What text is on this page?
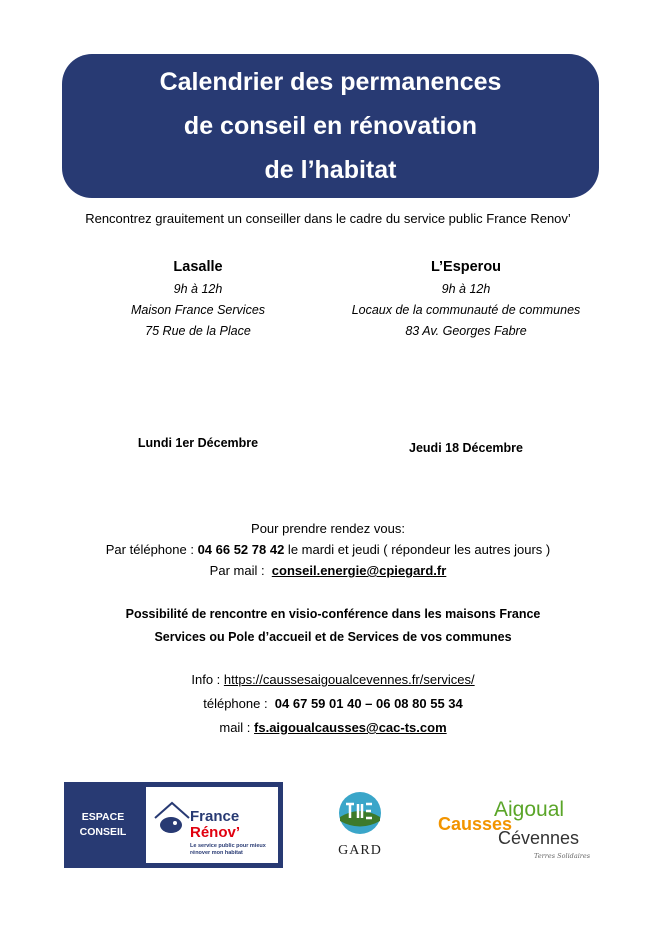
Calendrier des permanences
de conseil en rénovation
de l’habitat
Rencontrez grauitement un conseiller dans le cadre du service public France Renov’
Lasalle
9h à 12h
Maison France Services
75 Rue de la Place
L’Esperou
9h à 12h
Locaux de la communauté de communes
83 Av. Georges Fabre
Lundi 1er Décembre	Jeudi 18 Décembre
Pour prendre rendez vous:
Par téléphone : 04 66 52 78 42 le mardi et jeudi ( répondeur les autres jours )
Par mail :  conseil.energie@cpiegard.fr
Possibilité de rencontre en visio-conférence dans les maisons France
Services ou Pole d’accueil et de Services de vos communes
Info : https://caussesaigoualcevennes.fr/services/
téléphone :  04 67 59 01 40 – 06 08 80 55 34
mail : fs.aigoualcausses@cac-ts.com
ESPACE
CONSEIL
France
Rénov’
Le service public pour mieux
rénover mon habitat	GARD
Aigoual
Causses
Cévennes
Terres Solidaires
